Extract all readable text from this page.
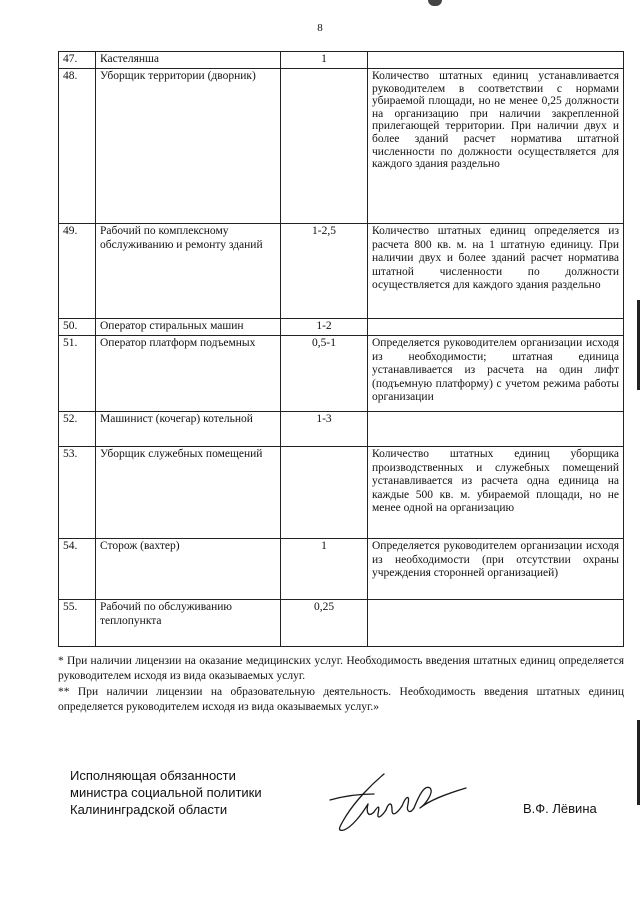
8
47.	Кастелянша	1	
48.	Уборщик территории (дворник)		Количество штатных единиц устанавливается руководителем в соответствии с нормами убираемой площади, но не менее 0,25 должности на организацию при наличии закрепленной прилегающей территории. При наличии двух и более зданий расчет норматива штатной численности по должности осуществляется для каждого здания раздельно
49.	Рабочий по комплексному обслуживанию и ремонту зданий	1-2,5	Количество штатных единиц определяется из расчета 800 кв. м. на 1 штатную единицу. При наличии двух и более зданий расчет норматива штатной численности по должности осуществляется для каждого здания раздельно
50.	Оператор стиральных машин	1-2	
51.	Оператор платформ подъемных	0,5-1	Определяется руководителем организации исходя из необходимости; штатная единица устанавливается из расчета на один лифт (подъемную платформу) с учетом режима работы организации
52.	Машинист (кочегар) котельной	1-3	
53.	Уборщик служебных помещений		Количество штатных единиц уборщика производственных и служебных помещений устанавливается из расчета одна единица на каждые 500 кв. м. убираемой площади, но не менее одной на организацию
54.	Сторож (вахтер)	1	Определяется руководителем организации исходя из необходимости (при отсутствии охраны учреждения сторонней организацией)
55.	Рабочий по обслуживанию теплопункта	0,25	

* При наличии лицензии на оказание медицинских услуг. Необходимость введения штатных единиц определяется руководителем исходя из вида оказываемых услуг.

** При наличии лицензии на образовательную деятельность. Необходимость введения штатных единиц определяется руководителем исходя из вида оказываемых услуг.»

Исполняющая обязанности
министра социальной политики
Калининградской области	В.Ф. Лёвина
